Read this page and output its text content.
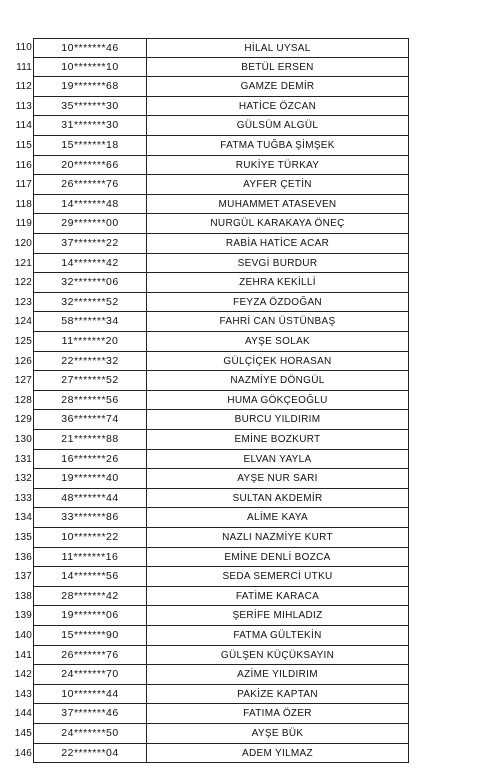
110	10*******46	HİLAL UYSAL
111	10*******10	BETÜL ERSEN
112	19*******68	GAMZE DEMİR
113	35*******30	HATİCE ÖZCAN
114	31*******30	GÜLSÜM ALGÜL
115	15*******18	FATMA TUĞBA ŞİMŞEK
116	20*******66	RUKİYE TÜRKAY
117	26*******76	AYFER ÇETİN
118	14*******48	MUHAMMET ATASEVEN
119	29*******00	NURGÜL KARAKAYA ÖNEÇ
120	37*******22	RABİA HATİCE ACAR
121	14*******42	SEVGİ BURDUR
122	32*******06	ZEHRA KEKİLLİ
123	32*******52	FEYZA ÖZDOĞAN
124	58*******34	FAHRİ CAN ÜSTÜNBAŞ
125	11*******20	AYŞE SOLAK
126	22*******32	GÜLÇİÇEK HORASAN
127	27*******52	NAZMİYE DÖNGÜL
128	28*******56	HUMA GÖKÇEOĞLU
129	36*******74	BURCU YILDIRIM
130	21*******88	EMİNE BOZKURT
131	16*******26	ELVAN YAYLA
132	19*******40	AYŞE NUR SARI
133	48*******44	SULTAN AKDEMİR
134	33*******86	ALİME KAYA
135	10*******22	NAZLI NAZMİYE KURT
136	11*******16	EMİNE DENLİ BOZCA
137	14*******56	SEDA SEMERCİ UTKU
138	28*******42	FATİME KARACA
139	19*******06	ŞERİFE MIHLADIZ
140	15*******90	FATMA GÜLTEKİN
141	26*******76	GÜLŞEN KÜÇÜKSAYIN
142	24*******70	AZİME YILDIRIM
143	10*******44	PAKİZE KAPTAN
144	37*******46	FATIMA ÖZER
145	24*******50	AYŞE BÜK
146	22*******04	ADEM YILMAZ
